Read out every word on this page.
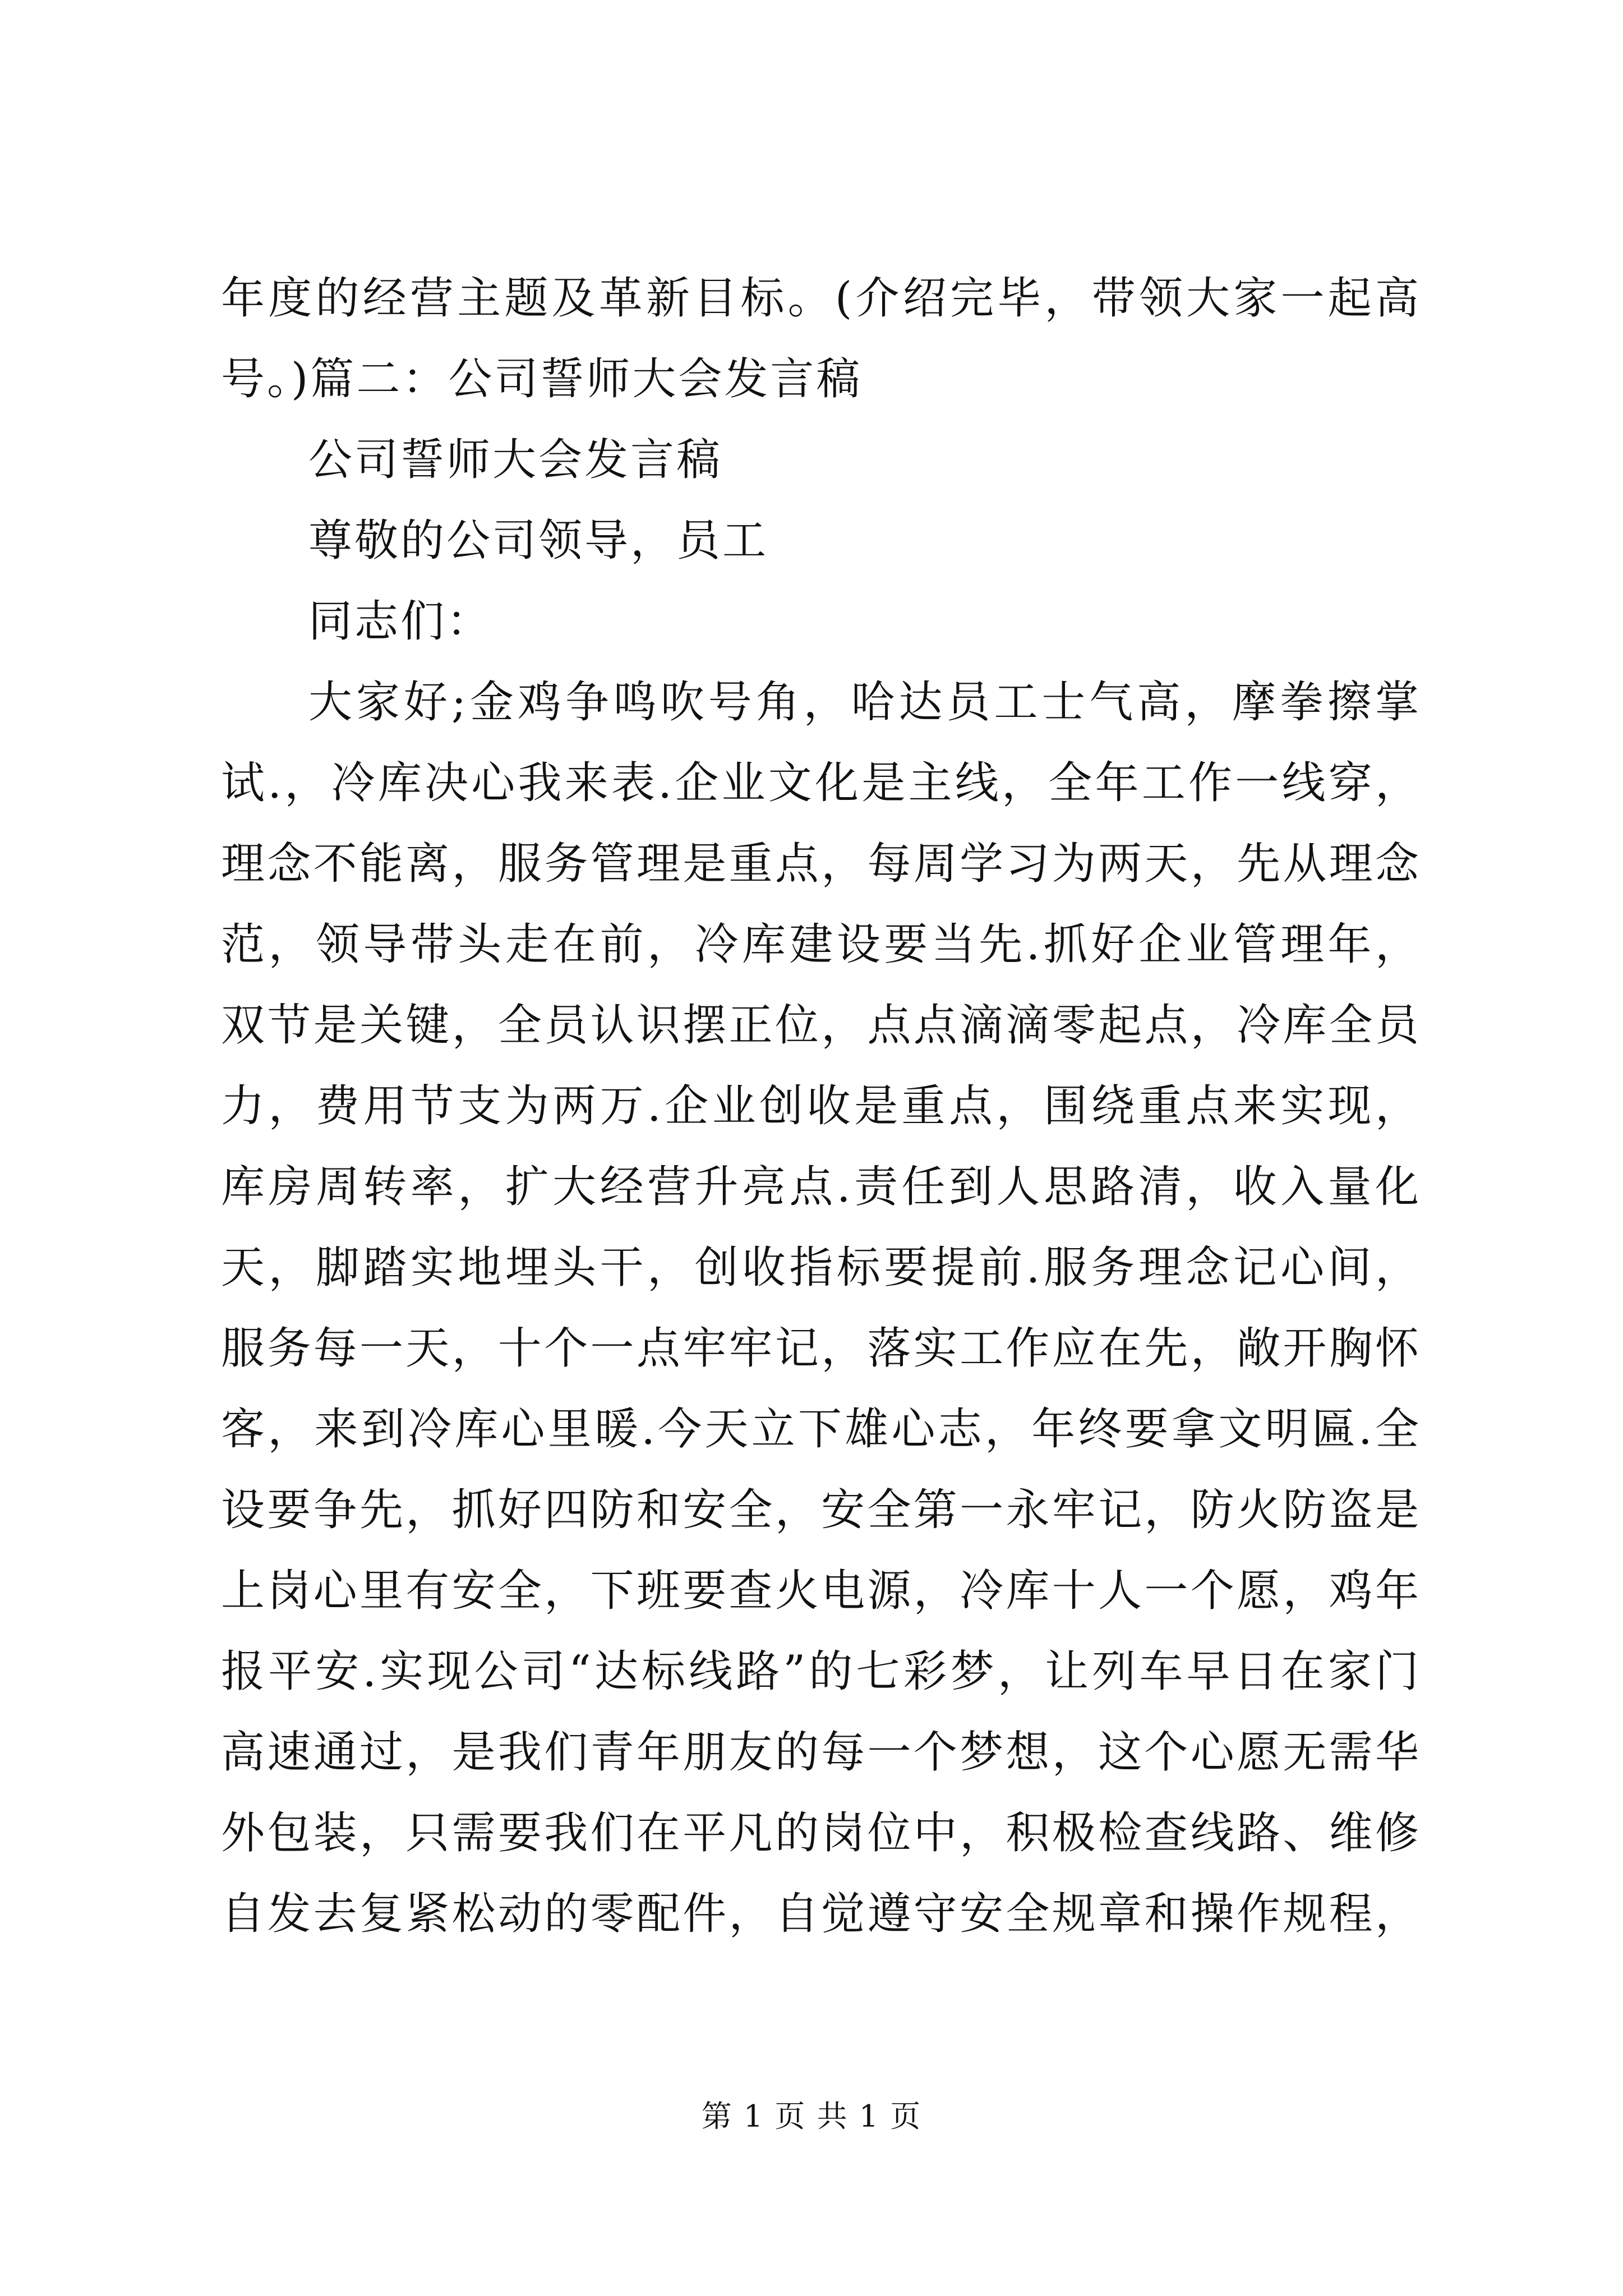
年度的经营主题及革新目标。(介绍完毕，带领大家一起高
号。)篇二：公司誓师大会发言稿
公司誓师大会发言稿
尊敬的公司领导，员工
同志们：
大家好;金鸡争鸣吹号角，哈达员工士气高，摩拳擦掌
试.，冷库决心我来表.企业文化是主线，全年工作一线穿，
理念不能离，服务管理是重点，每周学习为两天，先从理念
范，领导带头走在前，冷库建设要当先.抓好企业管理年，
双节是关键，全员认识摆正位，点点滴滴零起点，冷库全员
力，费用节支为两万.企业创收是重点，围绕重点来实现，
库房周转率，扩大经营升亮点.责任到人思路清，收入量化
天，脚踏实地埋头干，创收指标要提前.服务理念记心间，
服务每一天，十个一点牢牢记，落实工作应在先，敞开胸怀
客，来到冷库心里暖.今天立下雄心志，年终要拿文明匾.全
设要争先，抓好四防和安全，安全第一永牢记，防火防盗是
上岗心里有安全，下班要查火电源，冷库十人一个愿，鸡年
报平安.实现公司“达标线路”的七彩梦，让列车早日在家门
高速通过，是我们青年朋友的每一个梦想，这个心愿无需华
外包装，只需要我们在平凡的岗位中，积极检查线路、维修
自发去复紧松动的零配件，自觉遵守安全规章和操作规程，
第 1 页 共 1 页
